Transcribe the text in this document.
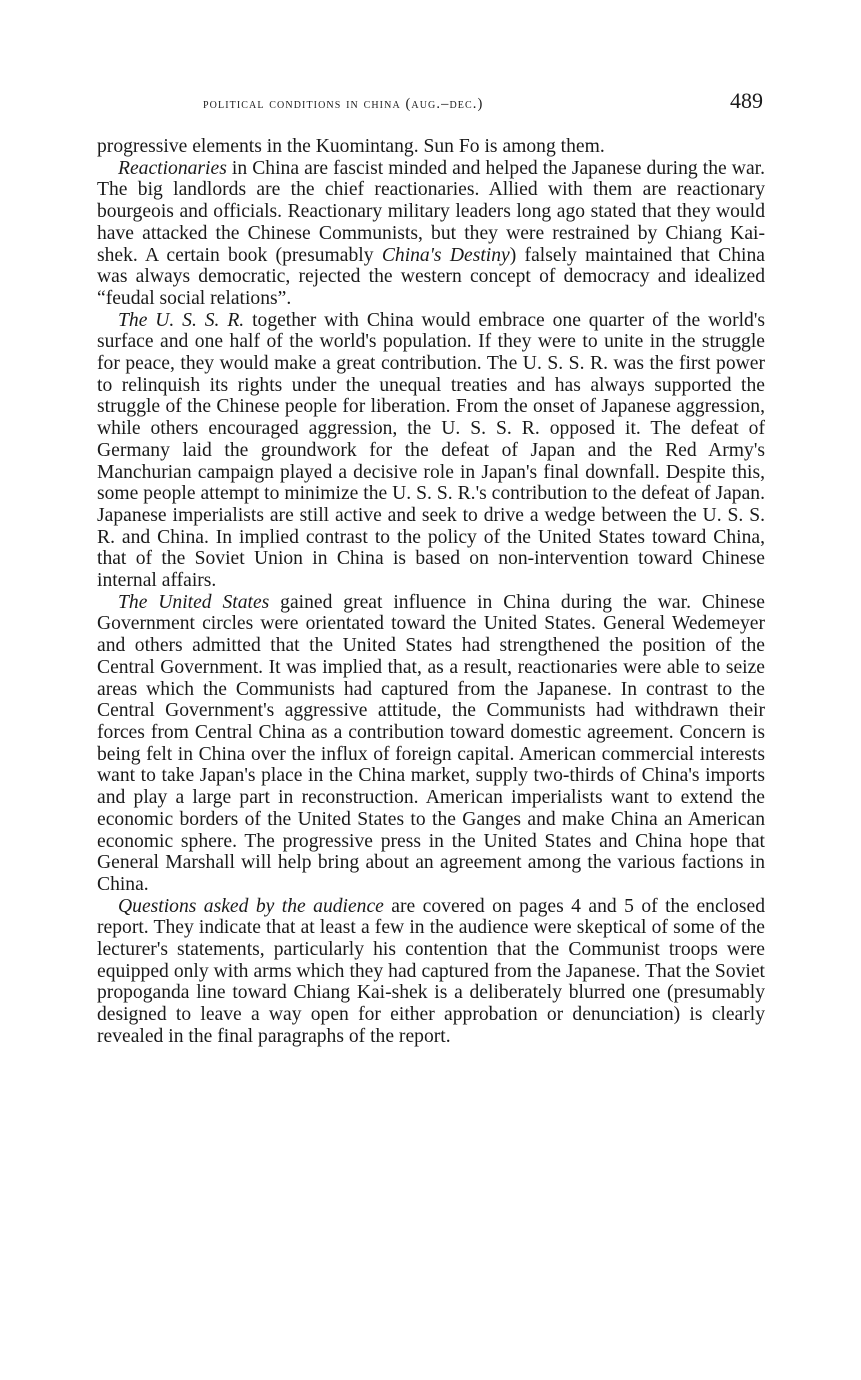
political conditions in china (aug.–dec.)	489

progressive elements in the Kuomintang. Sun Fo is among them.

Reactionaries in China are fascist minded and helped the Japanese during the war. The big landlords are the chief reactionaries. Allied with them are reactionary bourgeois and officials. Reactionary military leaders long ago stated that they would have attacked the Chinese Communists, but they were restrained by Chiang Kai-shek. A certain book (presumably China's Destiny) falsely maintained that China was always democratic, rejected the western concept of democracy and idealized “feudal social relations”.

The U. S. S. R. together with China would embrace one quarter of the world's surface and one half of the world's population. If they were to unite in the struggle for peace, they would make a great contribution. The U. S. S. R. was the first power to relinquish its rights under the unequal treaties and has always supported the struggle of the Chinese people for liberation. From the onset of Japanese aggression, while others encouraged aggression, the U. S. S. R. opposed it. The defeat of Germany laid the groundwork for the defeat of Japan and the Red Army's Manchurian campaign played a decisive role in Japan's final downfall. Despite this, some people attempt to minimize the U. S. S. R.'s contribution to the defeat of Japan. Japanese imperialists are still active and seek to drive a wedge between the U. S. S. R. and China. In implied contrast to the policy of the United States toward China, that of the Soviet Union in China is based on non-intervention toward Chinese internal affairs.

The United States gained great influence in China during the war. Chinese Government circles were orientated toward the United States. General Wedemeyer and others admitted that the United States had strengthened the position of the Central Government. It was implied that, as a result, reactionaries were able to seize areas which the Communists had captured from the Japanese. In contrast to the Central Government's aggressive attitude, the Communists had withdrawn their forces from Central China as a contribution toward domestic agreement. Concern is being felt in China over the influx of foreign capital. American commercial interests want to take Japan's place in the China market, supply two-thirds of China's imports and play a large part in reconstruction. American imperialists want to extend the economic borders of the United States to the Ganges and make China an American economic sphere. The progressive press in the United States and China hope that General Marshall will help bring about an agreement among the various factions in China.

Questions asked by the audience are covered on pages 4 and 5 of the enclosed report. They indicate that at least a few in the audience were skeptical of some of the lecturer's statements, particularly his contention that the Communist troops were equipped only with arms which they had captured from the Japanese. That the Soviet propoganda line toward Chiang Kai-shek is a deliberately blurred one (presumably designed to leave a way open for either approbation or denunciation) is clearly revealed in the final paragraphs of the report.
